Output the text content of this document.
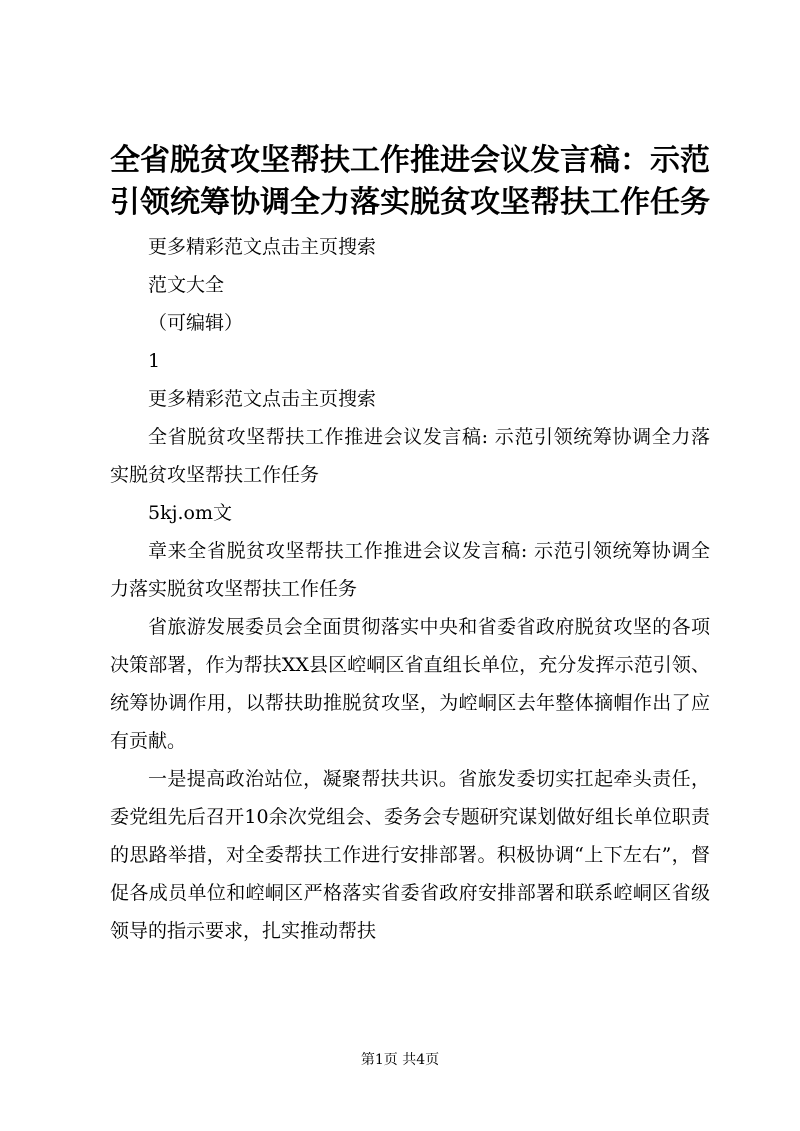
全省脱贫攻坚帮扶工作推进会议发言稿：示范引领统筹协调全力落实脱贫攻坚帮扶工作任务

更多精彩范文点击主页搜索

范文大全

（可编辑）

1

更多精彩范文点击主页搜索

全省脱贫攻坚帮扶工作推进会议发言稿: 示范引领统筹协调全力落实脱贫攻坚帮扶工作任务

5kj.om文

章来全省脱贫攻坚帮扶工作推进会议发言稿: 示范引领统筹协调全力落实脱贫攻坚帮扶工作任务

省旅游发展委员会全面贯彻落实中央和省委省政府脱贫攻坚的各项决策部署，作为帮扶XX县区崆峒区省直组长单位，充分发挥示范引领、统筹协调作用，以帮扶助推脱贫攻坚，为崆峒区去年整体摘帽作出了应有贡献。

一是提高政治站位，凝聚帮扶共识。省旅发委切实扛起牵头责任，委党组先后召开10余次党组会、委务会专题研究谋划做好组长单位职责的思路举措，对全委帮扶工作进行安排部署。积极协调“上下左右”，督促各成员单位和崆峒区严格落实省委省政府安排部署和联系崆峒区省级领导的指示要求，扎实推动帮扶

第1页 共4页
